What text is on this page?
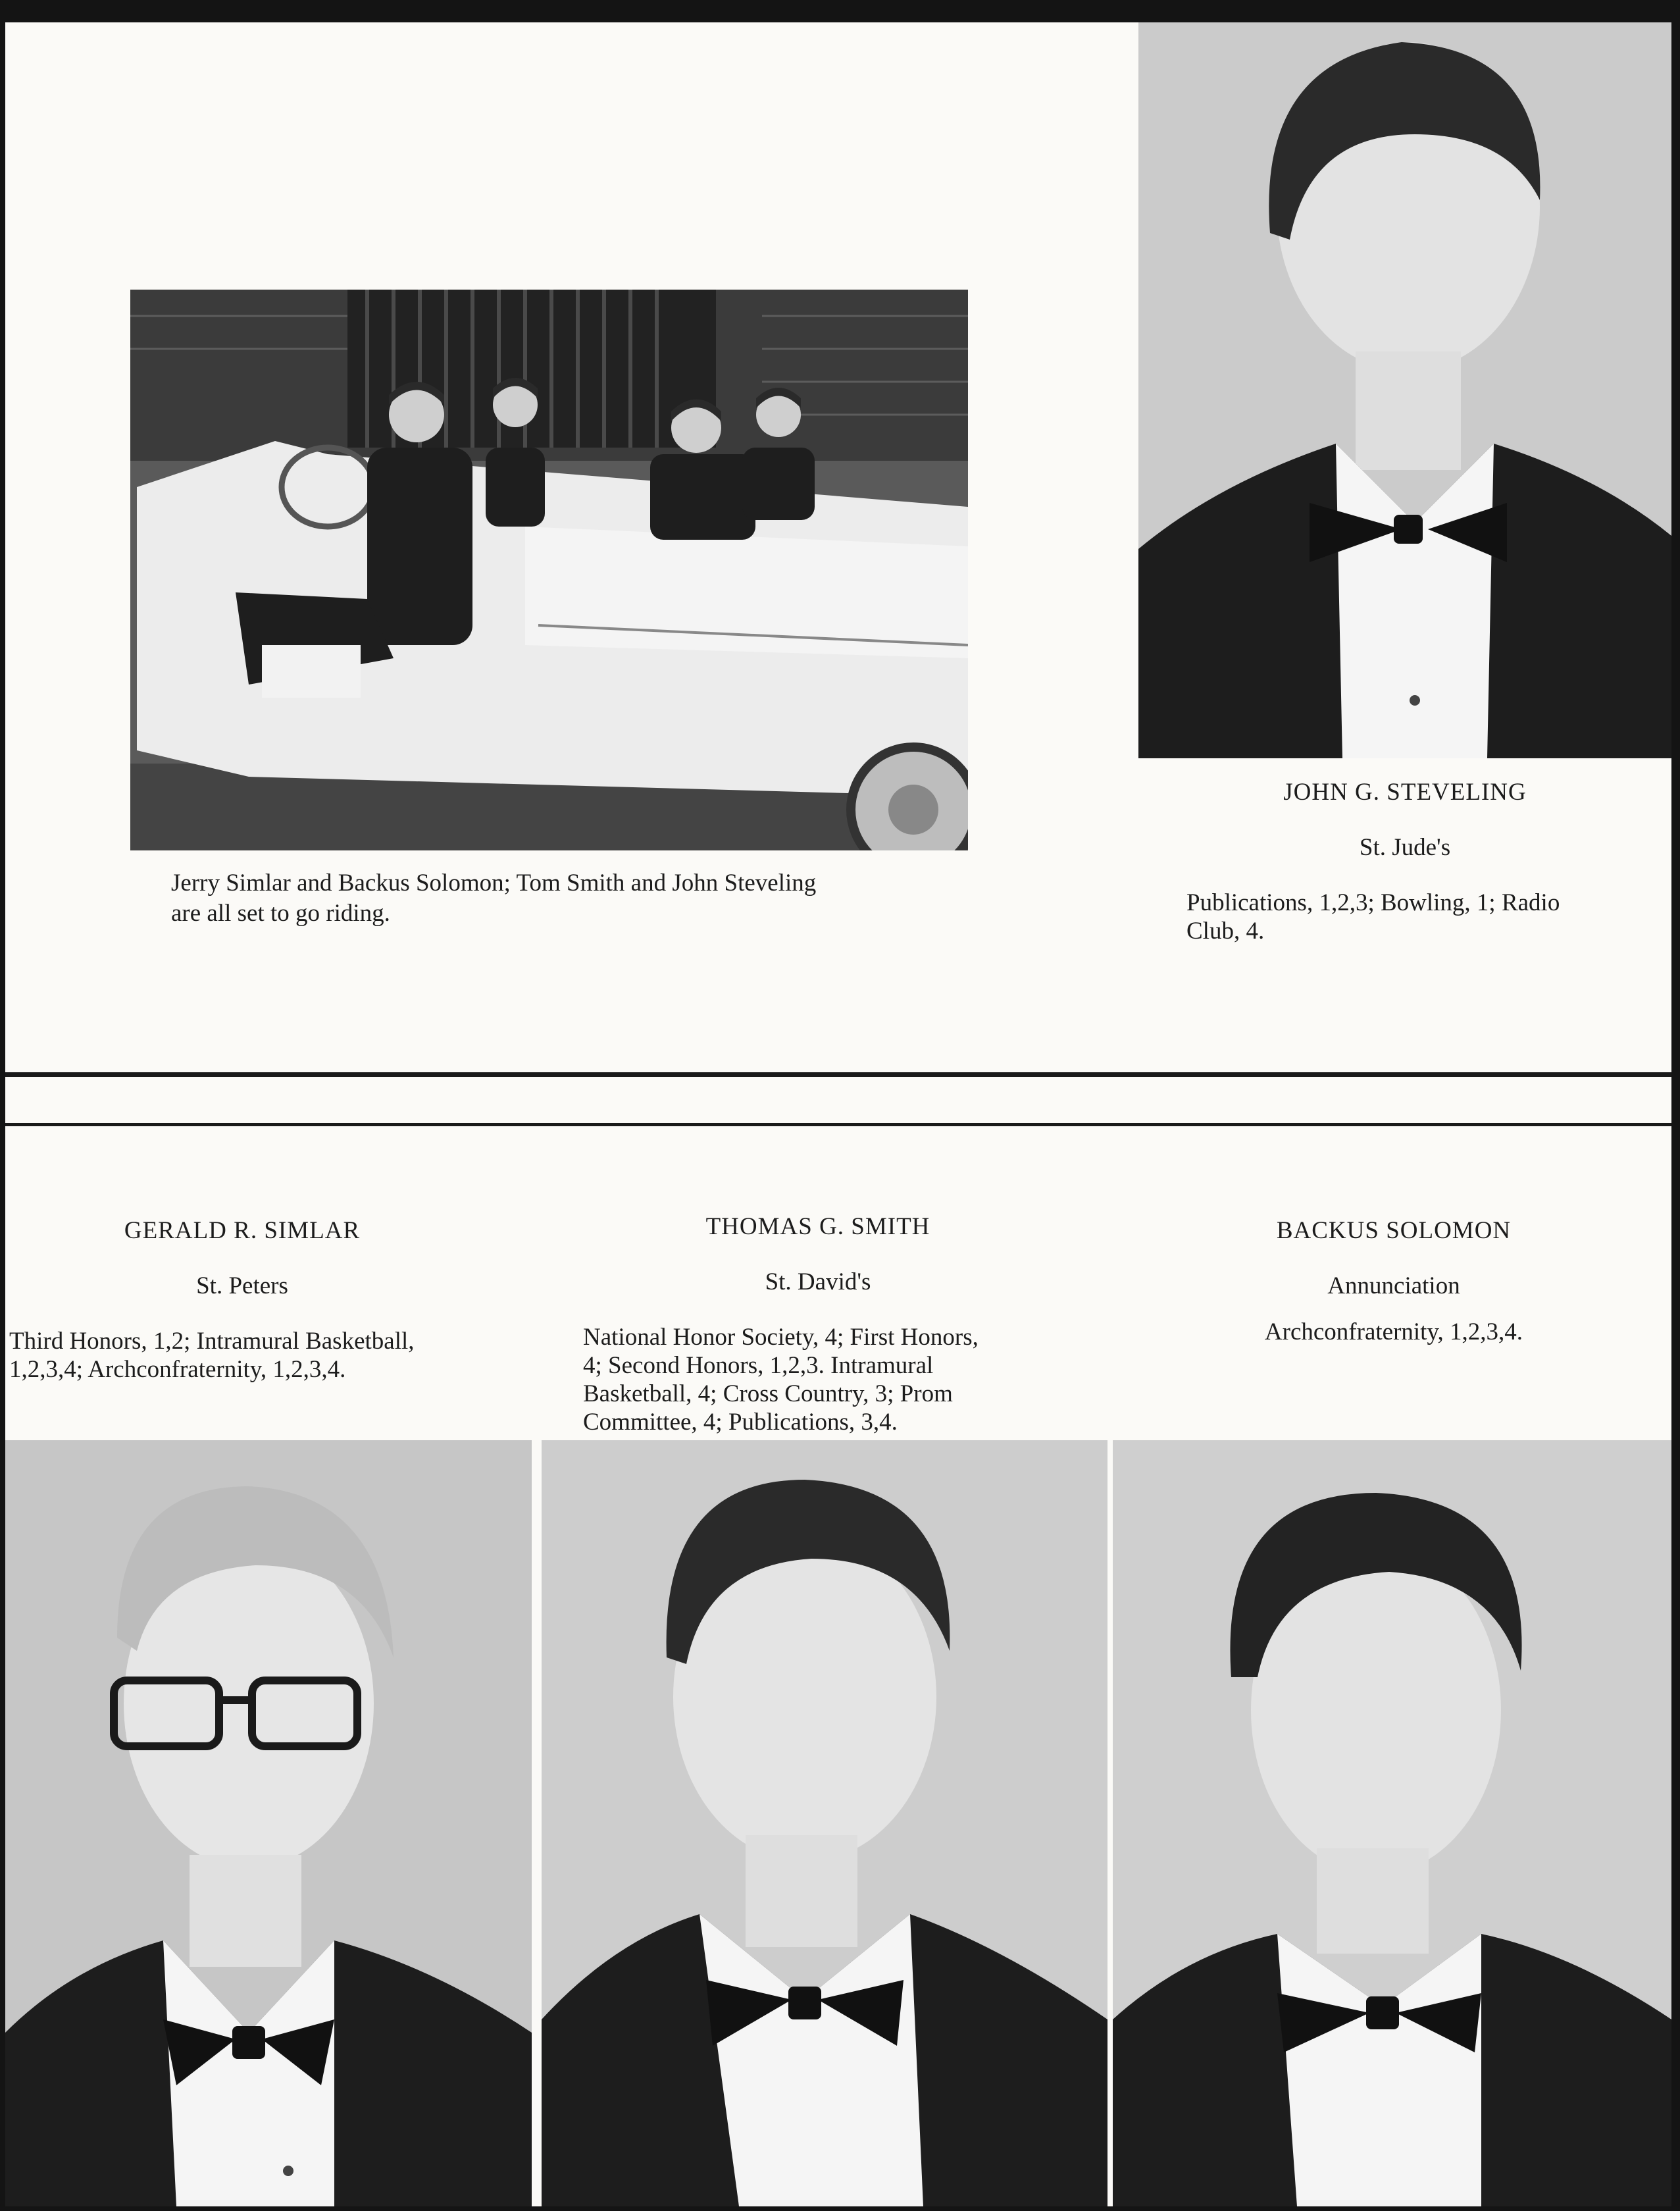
Jerry Simlar and Backus Solomon; Tom Smith and John Steveling
are all set to go riding.
JOHN G. STEVELING
St. Jude's
Publications, 1,2,3; Bowling, 1; Radio
Club, 4.
GERALD R. SIMLAR
St. Peters
Third Honors, 1,2; Intramural Basketball,
1,2,3,4; Archconfraternity, 1,2,3,4.
THOMAS G. SMITH
St. David's
National Honor Society, 4; First Honors,
4; Second Honors, 1,2,3. Intramural
Basketball, 4; Cross Country, 3; Prom
Committee, 4; Publications, 3,4.
BACKUS SOLOMON
Annunciation
Archconfraternity, 1,2,3,4.
